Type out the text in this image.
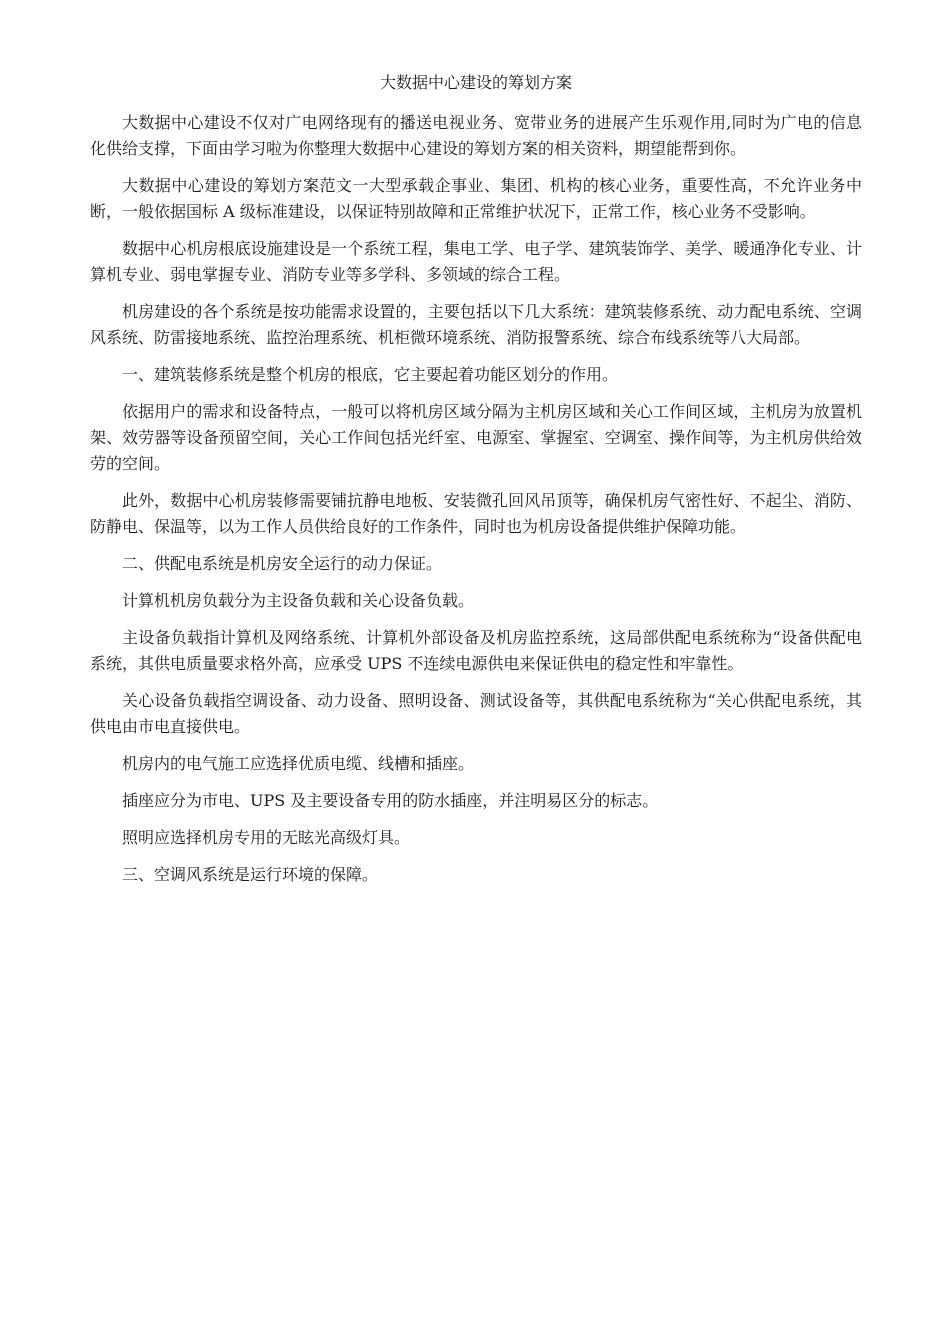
大数据中心建设的筹划方案

大数据中心建设不仅对广电网络现有的播送电视业务、宽带业务的进展产生乐观作用,同时为广电的信息化供给支撑，下面由学习啦为你整理大数据中心建设的筹划方案的相关资料，期望能帮到你。

大数据中心建设的筹划方案范文一大型承载企事业、集团、机构的核心业务，重要性高，不允许业务中断，一般依据国标 A 级标准建设，以保证特别故障和正常维护状况下，正常工作，核心业务不受影响。

数据中心机房根底设施建设是一个系统工程，集电工学、电子学、建筑装饰学、美学、暖通净化专业、计算机专业、弱电掌握专业、消防专业等多学科、多领域的综合工程。

机房建设的各个系统是按功能需求设置的，主要包括以下几大系统：建筑装修系统、动力配电系统、空调风系统、防雷接地系统、监控治理系统、机柜微环境系统、消防报警系统、综合布线系统等八大局部。

一、建筑装修系统是整个机房的根底，它主要起着功能区划分的作用。

依据用户的需求和设备特点，一般可以将机房区域分隔为主机房区域和关心工作间区域，主机房为放置机架、效劳器等设备预留空间，关心工作间包括光纤室、电源室、掌握室、空调室、操作间等，为主机房供给效劳的空间。

此外，数据中心机房装修需要铺抗静电地板、安装微孔回风吊顶等，确保机房气密性好、不起尘、消防、防静电、保温等，以为工作人员供给良好的工作条件，同时也为机房设备提供维护保障功能。

二、供配电系统是机房安全运行的动力保证。

计算机机房负载分为主设备负载和关心设备负载。

主设备负载指计算机及网络系统、计算机外部设备及机房监控系统，这局部供配电系统称为“设备供配电系统，其供电质量要求格外高，应承受 UPS 不连续电源供电来保证供电的稳定性和牢靠性。

关心设备负载指空调设备、动力设备、照明设备、测试设备等，其供配电系统称为“关心供配电系统，其供电由市电直接供电。

机房内的电气施工应选择优质电缆、线槽和插座。

插座应分为市电、UPS 及主要设备专用的防水插座，并注明易区分的标志。

照明应选择机房专用的无眩光高级灯具。

三、空调风系统是运行环境的保障。
